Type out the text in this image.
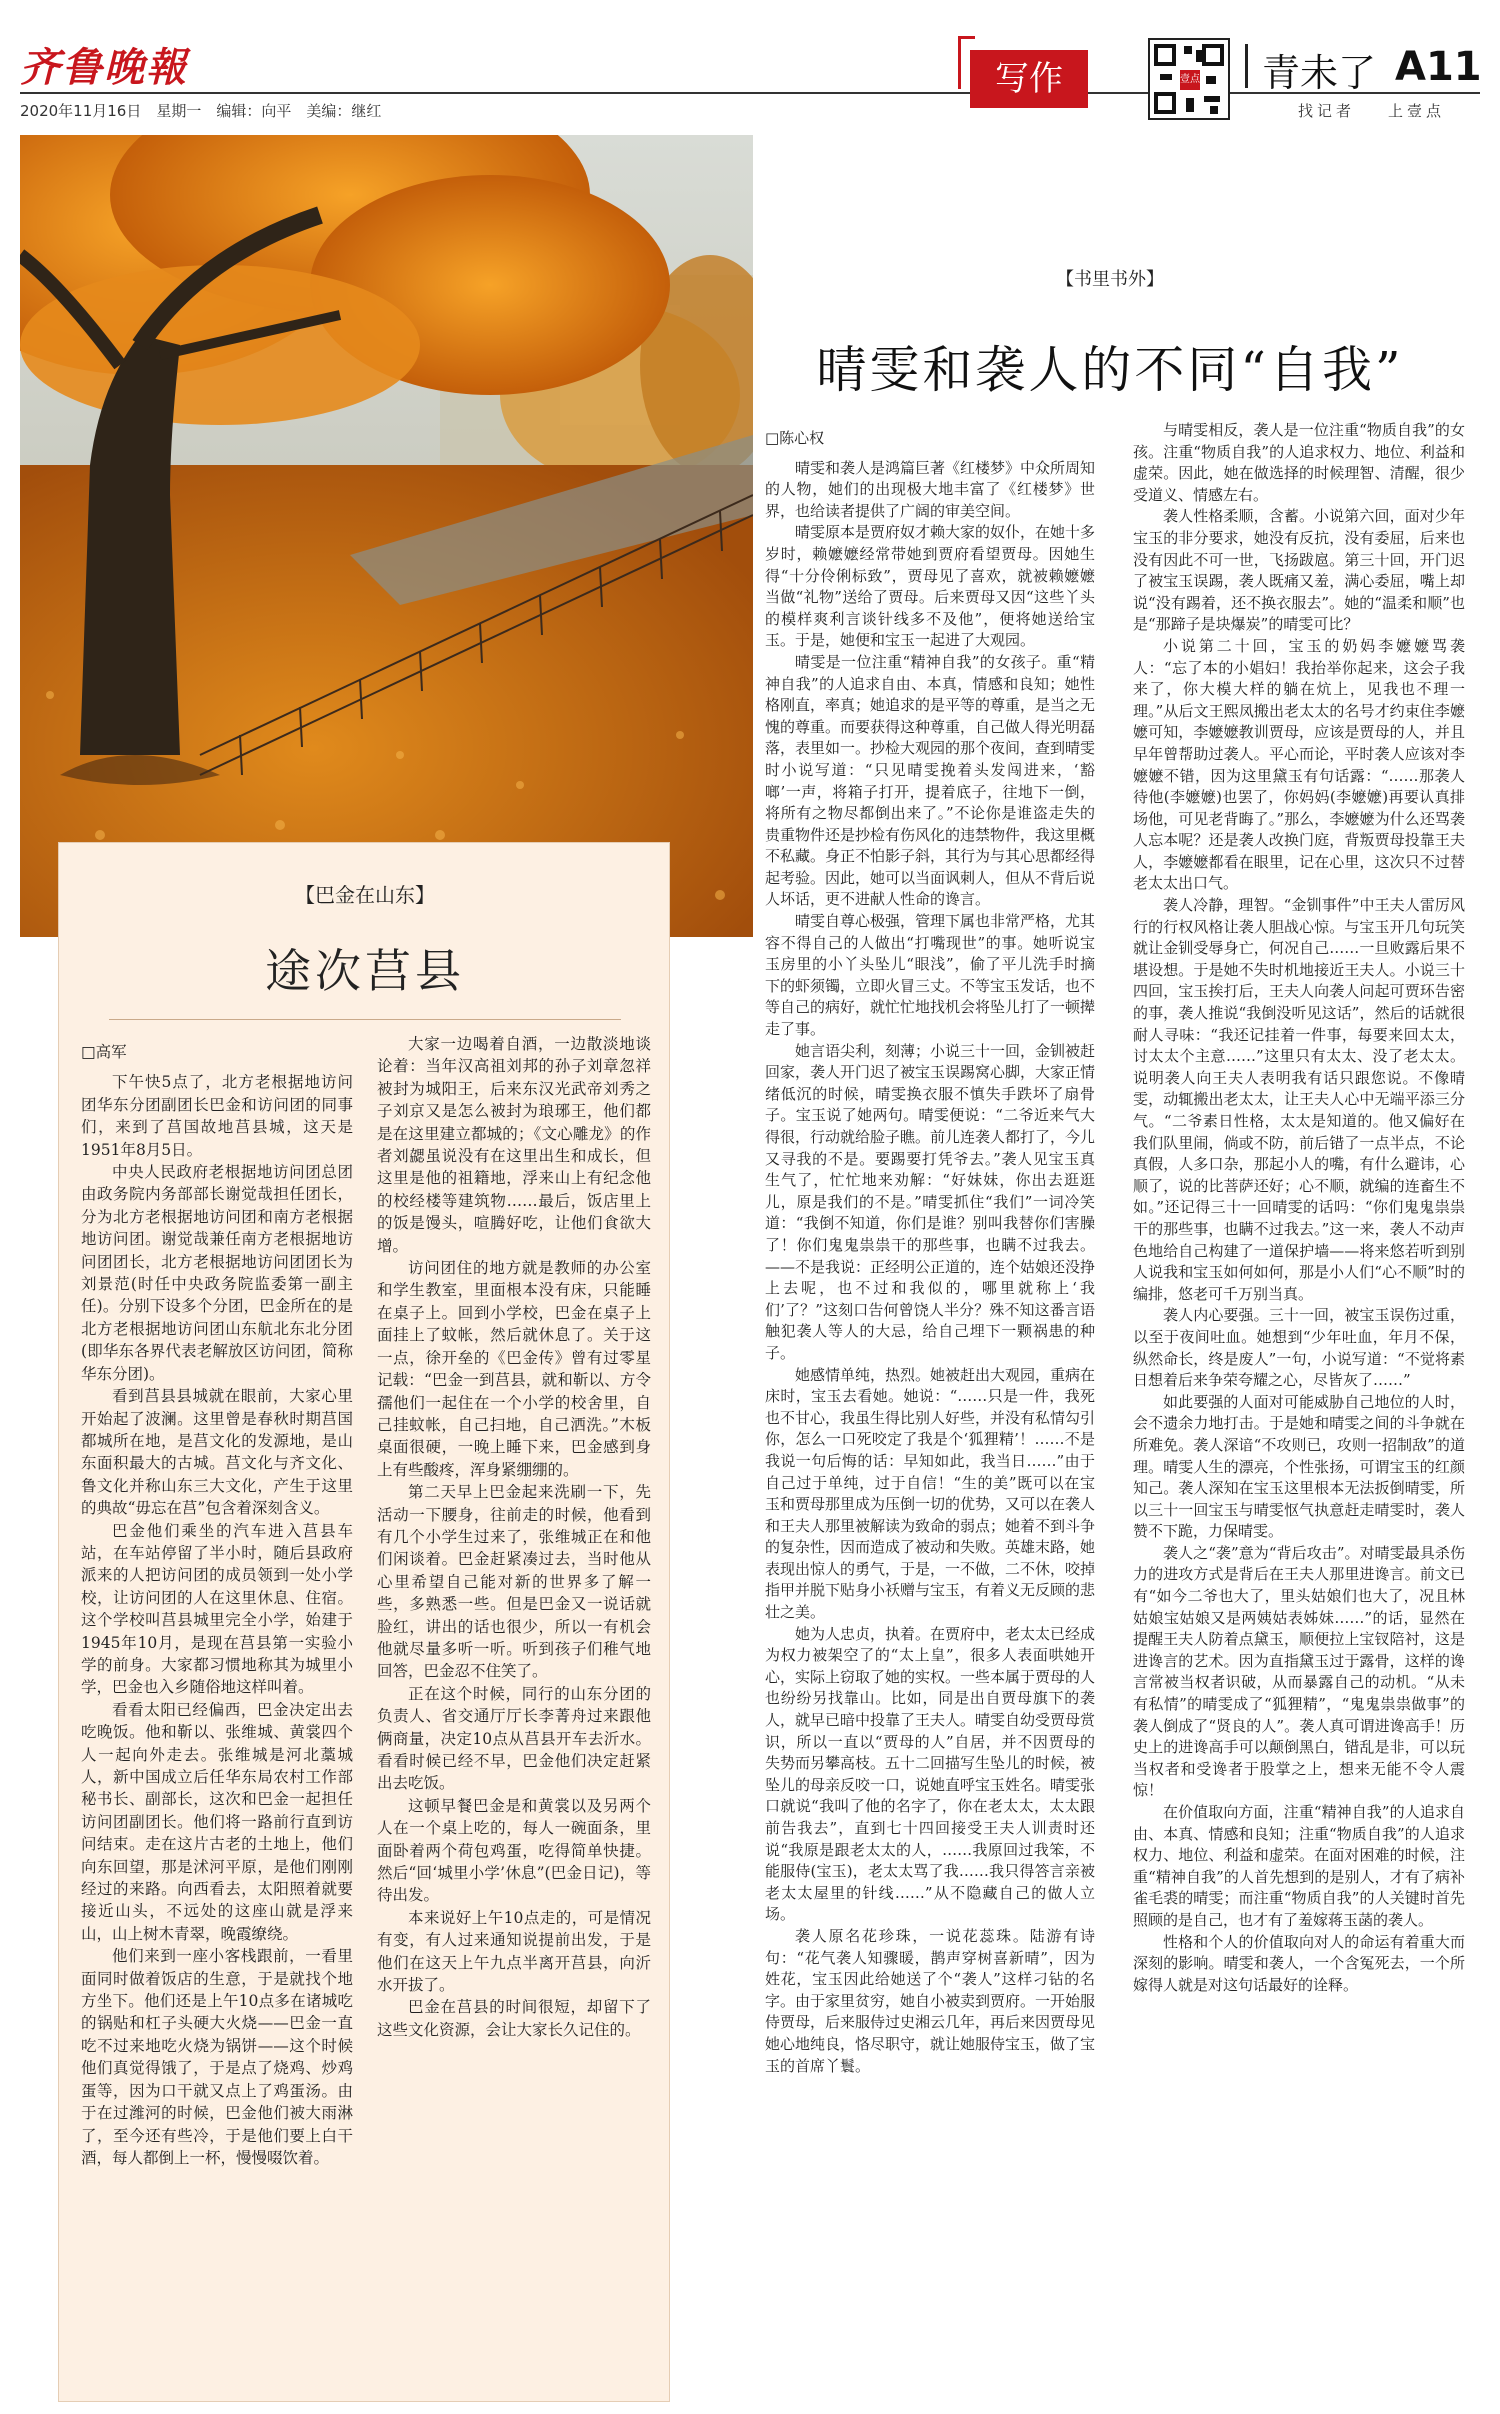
齐鲁晚報
2020年11月16日　星期一　编辑：向平　美编：继红
写作	壹点 青未了 A11
找记者 上壹点
【巴金在山东】
途次莒县

□高军

下午快5点了，北方老根据地访问团华东分团副团长巴金和访问团的同事们，来到了莒国故地莒县城，这天是1951年8月5日。

中央人民政府老根据地访问团总团由政务院内务部部长谢觉哉担任团长，分为北方老根据地访问团和南方老根据地访问团。谢觉哉兼任南方老根据地访问团团长，北方老根据地访问团团长为刘景范(时任中央政务院监委第一副主任)。分别下设多个分团，巴金所在的是北方老根据地访问团山东航北东北分团(即华东各界代表老解放区访问团，简称华东分团)。

看到莒县县城就在眼前，大家心里开始起了波澜。这里曾是春秋时期莒国都城所在地，是莒文化的发源地，是山东面积最大的古城。莒文化与齐文化、鲁文化并称山东三大文化，产生于这里的典故“毋忘在莒”包含着深刻含义。

巴金他们乘坐的汽车进入莒县车站，在车站停留了半小时，随后县政府派来的人把访问团的成员领到一处小学校，让访问团的人在这里休息、住宿。这个学校叫莒县城里完全小学，始建于1945年10月，是现在莒县第一实验小学的前身。大家都习惯地称其为城里小学，巴金也入乡随俗地这样叫着。

看看太阳已经偏西，巴金决定出去吃晚饭。他和靳以、张维城、黄裳四个人一起向外走去。张维城是河北藁城人，新中国成立后任华东局农村工作部秘书长、副部长，这次和巴金一起担任访问团副团长。他们将一路前行直到访问结束。走在这片古老的土地上，他们向东回望，那是沭河平原，是他们刚刚经过的来路。向西看去，太阳照着就要接近山头，不远处的这座山就是浮来山，山上树木青翠，晚霞缭绕。

他们来到一座小客栈跟前，一看里面同时做着饭店的生意，于是就找个地方坐下。他们还是上午10点多在诸城吃的锅贴和杠子头硬大火烧——巴金一直吃不过来地吃火烧为锅饼——这个时候他们真觉得饿了，于是点了烧鸡、炒鸡蛋等，因为口干就又点上了鸡蛋汤。由于在过潍河的时候，巴金他们被大雨淋了，至今还有些冷，于是他们要上白干酒，每人都倒上一杯，慢慢啜饮着。

大家一边喝着自酒，一边散淡地谈论着：当年汉高祖刘邦的孙子刘章忽祥被封为城阳王，后来东汉光武帝刘秀之子刘京又是怎么被封为琅琊王，他们都是在这里建立都城的；《文心雕龙》的作者刘勰虽说没有在这里出生和成长，但这里是他的祖籍地，浮来山上有纪念他的校经楼等建筑物……最后，饭店里上的饭是馒头，喧腾好吃，让他们食欲大增。

访问团住的地方就是教师的办公室和学生教室，里面根本没有床，只能睡在桌子上。回到小学校，巴金在桌子上面挂上了蚊帐，然后就休息了。关于这一点，徐开垒的《巴金传》曾有过零星记载：“巴金一到莒县，就和靳以、方令孺他们一起住在一个小学的校舍里，自己挂蚊帐，自己扫地，自己洒洗。”木板桌面很硬，一晚上睡下来，巴金感到身上有些酸疼，浑身紧绷绷的。

第二天早上巴金起来洗刷一下，先活动一下腰身，往前走的时候，他看到有几个小学生过来了，张维城正在和他们闲谈着。巴金赶紧凑过去，当时他从心里希望自己能对新的世界多了解一些，多熟悉一些。但是巴金又一说话就脸红，讲出的话也很少，所以一有机会他就尽量多听一听。听到孩子们稚气地回答，巴金忍不住笑了。

正在这个时候，同行的山东分团的负责人、省交通厅厅长李菁舟过来跟他俩商量，决定10点从莒县开车去沂水。看看时候已经不早，巴金他们决定赶紧出去吃饭。

这顿早餐巴金是和黄裳以及另两个人在一个桌上吃的，每人一碗面条，里面卧着两个荷包鸡蛋，吃得简单快捷。然后“回‘城里小学’休息”(巴金日记)，等待出发。

本来说好上午10点走的，可是情况有变，有人过来通知说提前出发，于是他们在这天上午九点半离开莒县，向沂水开拔了。

巴金在莒县的时间很短，却留下了这些文化资源，会让大家长久记住的。

【书里书外】
晴雯和袭人的不同“自我”

□陈心权

晴雯和袭人是鸿篇巨著《红楼梦》中众所周知的人物，她们的出现极大地丰富了《红楼梦》世界，也给读者提供了广阔的审美空间。

晴雯原本是贾府奴才赖大家的奴仆，在她十多岁时，赖嬷嬷经常带她到贾府看望贾母。因她生得“十分伶俐标致”，贾母见了喜欢，就被赖嬷嬷当做“礼物”送给了贾母。后来贾母又因“这些丫头的模样爽利言谈针线多不及他”，便将她送给宝玉。于是，她便和宝玉一起进了大观园。

晴雯是一位注重“精神自我”的女孩子。重“精神自我”的人追求自由、本真，情感和良知；她性格刚直，率真；她追求的是平等的尊重，是当之无愧的尊重。而要获得这种尊重，自己做人得光明磊落，表里如一。抄检大观园的那个夜间，查到晴雯时小说写道：“只见晴雯挽着头发闯进来，‘豁啷’一声，将箱子打开，提着底子，往地下一倒，将所有之物尽都倒出来了。”不论你是谁盗走失的贵重物件还是抄检有伤风化的违禁物件，我这里概不私藏。身正不怕影子斜，其行为与其心思都经得起考验。因此，她可以当面讽刺人，但从不背后说人坏话，更不进献人性命的谗言。

晴雯自尊心极强，管理下属也非常严格，尤其容不得自己的人做出“打嘴现世”的事。她听说宝玉房里的小丫头坠儿“眼浅”，偷了平儿洗手时摘下的虾须镯，立即火冒三丈。不等宝玉发话，也不等自己的病好，就忙忙地找机会将坠儿打了一顿撵走了事。

她言语尖利，刻薄；小说三十一回，金钏被赶回家，袭人开门迟了被宝玉误踢窝心脚，大家正情绪低沉的时候，晴雯换衣服不慎失手跌坏了扇骨子。宝玉说了她两句。晴雯便说：“二爷近来气大得很，行动就给脸子瞧。前儿连袭人都打了，今儿又寻我的不是。要踢要打凭爷去。”袭人见宝玉真生气了，忙忙地来劝解：“好妹妹，你出去逛逛儿，原是我们的不是。”晴雯抓住“我们”一词冷笑道：“我倒不知道，你们是谁？别叫我替你们害臊了！你们鬼鬼祟祟干的那些事，也瞒不过我去。——不是我说：正经明公正道的，连个姑娘还没挣上去呢，也不过和我似的，哪里就称上‘我们’了？”这刻口告何曾饶人半分？殊不知这番言语触犯袭人等人的大忌，给自己埋下一颗祸患的种子。

她感情单纯，热烈。她被赶出大观园，重病在床时，宝玉去看她。她说：“……只是一件，我死也不甘心，我虽生得比别人好些，并没有私情勾引你，怎么一口死咬定了我是个‘狐狸精’！……不是我说一句后悔的话：早知如此，我当日……”由于自己过于单纯，过于自信！“生的美”既可以在宝玉和贾母那里成为压倒一切的优势，又可以在袭人和王夫人那里被解读为致命的弱点；她着不到斗争的复杂性，因而造成了被动和失败。英雄末路，她表现出惊人的勇气，于是，一不做，二不休，咬掉指甲并脱下贴身小袄赠与宝玉，有着义无反顾的悲壮之美。

她为人忠贞，执着。在贾府中，老太太已经成为权力被架空了的“太上皇”，很多人表面哄她开心，实际上窃取了她的实权。一些本属于贾母的人也纷纷另找靠山。比如，同是出自贾母旗下的袭人，就早已暗中投靠了王夫人。晴雯自幼受贾母赏识，所以一直以“贾母的人”自居，并不因贾母的失势而另攀高枝。五十二回描写生坠儿的时候，被坠儿的母亲反咬一口，说她直呼宝玉姓名。晴雯张口就说“我叫了他的名字了，你在老太太，太太跟前告我去”，直到七十四回接受王夫人训责时还说“我原是跟老太太的人，……我原回过我笨，不能服侍(宝玉)，老太太骂了我……我只得答言亲被老太太屋里的针线……”从不隐藏自己的做人立场。

袭人原名花珍珠，一说花蕊珠。陆游有诗句：“花气袭人知骤暖，鹊声穿树喜新晴”，因为姓花，宝玉因此给她送了个“袭人”这样刁钻的名字。由于家里贫穷，她自小被卖到贾府。一开始服侍贾母，后来服侍过史湘云几年，再后来因贾母见她心地纯良，恪尽职守，就让她服侍宝玉，做了宝玉的首席丫鬟。

与晴雯相反，袭人是一位注重“物质自我”的女孩。注重“物质自我”的人追求权力、地位、利益和虚荣。因此，她在做选择的时候理智、清醒，很少受道义、情感左右。

袭人性格柔顺，含蓄。小说第六回，面对少年宝玉的非分要求，她没有反抗，没有委屈，后来也没有因此不可一世，飞扬跋扈。第三十回，开门迟了被宝玉误踢，袭人既痛又羞，满心委屈，嘴上却说“没有踢着，还不换衣服去”。她的“温柔和顺”也是“那蹄子是块爆炭”的晴雯可比？

小说第二十回，宝玉的奶妈李嬷嬷骂袭人：“忘了本的小娼妇！我抬举你起来，这会子我来了，你大模大样的躺在炕上，见我也不理一理。”从后文王熙凤搬出老太太的名号才约束住李嬷嬷可知，李嬷嬷教训贾母，应该是贾母的人，并且早年曾帮助过袭人。平心而论，平时袭人应该对李嬷嬷不错，因为这里黛玉有句话露：“……那袭人待他(李嬷嬷)也罢了，你妈妈(李嬷嬷)再要认真排场他，可见老背晦了。”那么，李嬷嬷为什么还骂袭人忘本呢？还是袭人改换门庭，背叛贾母投靠王夫人，李嬷嬷都看在眼里，记在心里，这次只不过替老太太出口气。

袭人冷静，理智。“金钏事件”中王夫人雷厉风行的行权风格让袭人胆战心惊。与宝玉开几句玩笑就让金钏受辱身亡，何况自己……一旦败露后果不堪设想。于是她不失时机地接近王夫人。小说三十四回，宝玉挨打后，王夫人向袭人问起可贾环告密的事，袭人推说“我倒没听见这话”，然后的话就很耐人寻味：“我还记挂着一件事，每要来回太太，讨太太个主意……”这里只有太太、没了老太太。说明袭人向王夫人表明我有话只跟您说。不像晴雯，动辄搬出老太太，让王夫人心中无端平添三分气。“二爷素日性格，太太是知道的。他又偏好在我们队里闹，倘或不防，前后错了一点半点，不论真假，人多口杂，那起小人的嘴，有什么避讳，心顺了，说的比菩萨还好；心不顺，就编的连畜生不如。”还记得三十一回晴雯的话吗：“你们鬼鬼祟祟干的那些事，也瞒不过我去。”这一来，袭人不动声色地给自己构建了一道保护墙——将来悠若听到别人说我和宝玉如何如何，那是小人们“心不顺”时的编排，悠老可千万别当真。

袭人内心要强。三十一回，被宝玉误伤过重，以至于夜间吐血。她想到“少年吐血，年月不保，纵然命长，终是废人”一句，小说写道：“不觉将素日想着后来争荣夸耀之心，尽皆灰了……”

如此要强的人面对可能威胁自己地位的人时，会不遗余力地打击。于是她和晴雯之间的斗争就在所难免。袭人深谙“不攻则已，攻则一招制敌”的道理。晴雯人生的漂亮，个性张扬，可谓宝玉的红颜知己。袭人深知在宝玉这里根本无法扳倒晴雯，所以三十一回宝玉与晴雯怄气执意赶走晴雯时，袭人赞不下跪，力保晴雯。

袭人之“袭”意为“背后攻击”。对晴雯最具杀伤力的进攻方式是背后在王夫人那里进谗言。前文已有“如今二爷也大了，里头姑娘们也大了，况且林姑娘宝姑娘又是两姨姑表姊妹……”的话，显然在提醒王夫人防着点黛玉，顺便拉上宝钗陪衬，这是进谗言的艺术。因为直指黛玉过于露骨，这样的谗言常被当权者识破，从而暴露自己的动机。“从未有私情”的晴雯成了“狐狸精”，“鬼鬼祟祟做事”的袭人倒成了“贤良的人”。袭人真可谓进谗高手！历史上的进谗高手可以颠倒黑白，错乱是非，可以玩当权者和受谗者于股掌之上，想来无能不令人震惊！

在价值取向方面，注重“精神自我”的人追求自由、本真、情感和良知；注重“物质自我”的人追求权力、地位、利益和虚荣。在面对困难的时候，注重“精神自我”的人首先想到的是别人，才有了病补雀毛裘的晴雯；而注重“物质自我”的人关键时首先照顾的是自己，也才有了羞嫁蒋玉菡的袭人。

性格和个人的价值取向对人的命运有着重大而深刻的影响。晴雯和袭人，一个含冤死去，一个所嫁得人就是对这句话最好的诠释。
